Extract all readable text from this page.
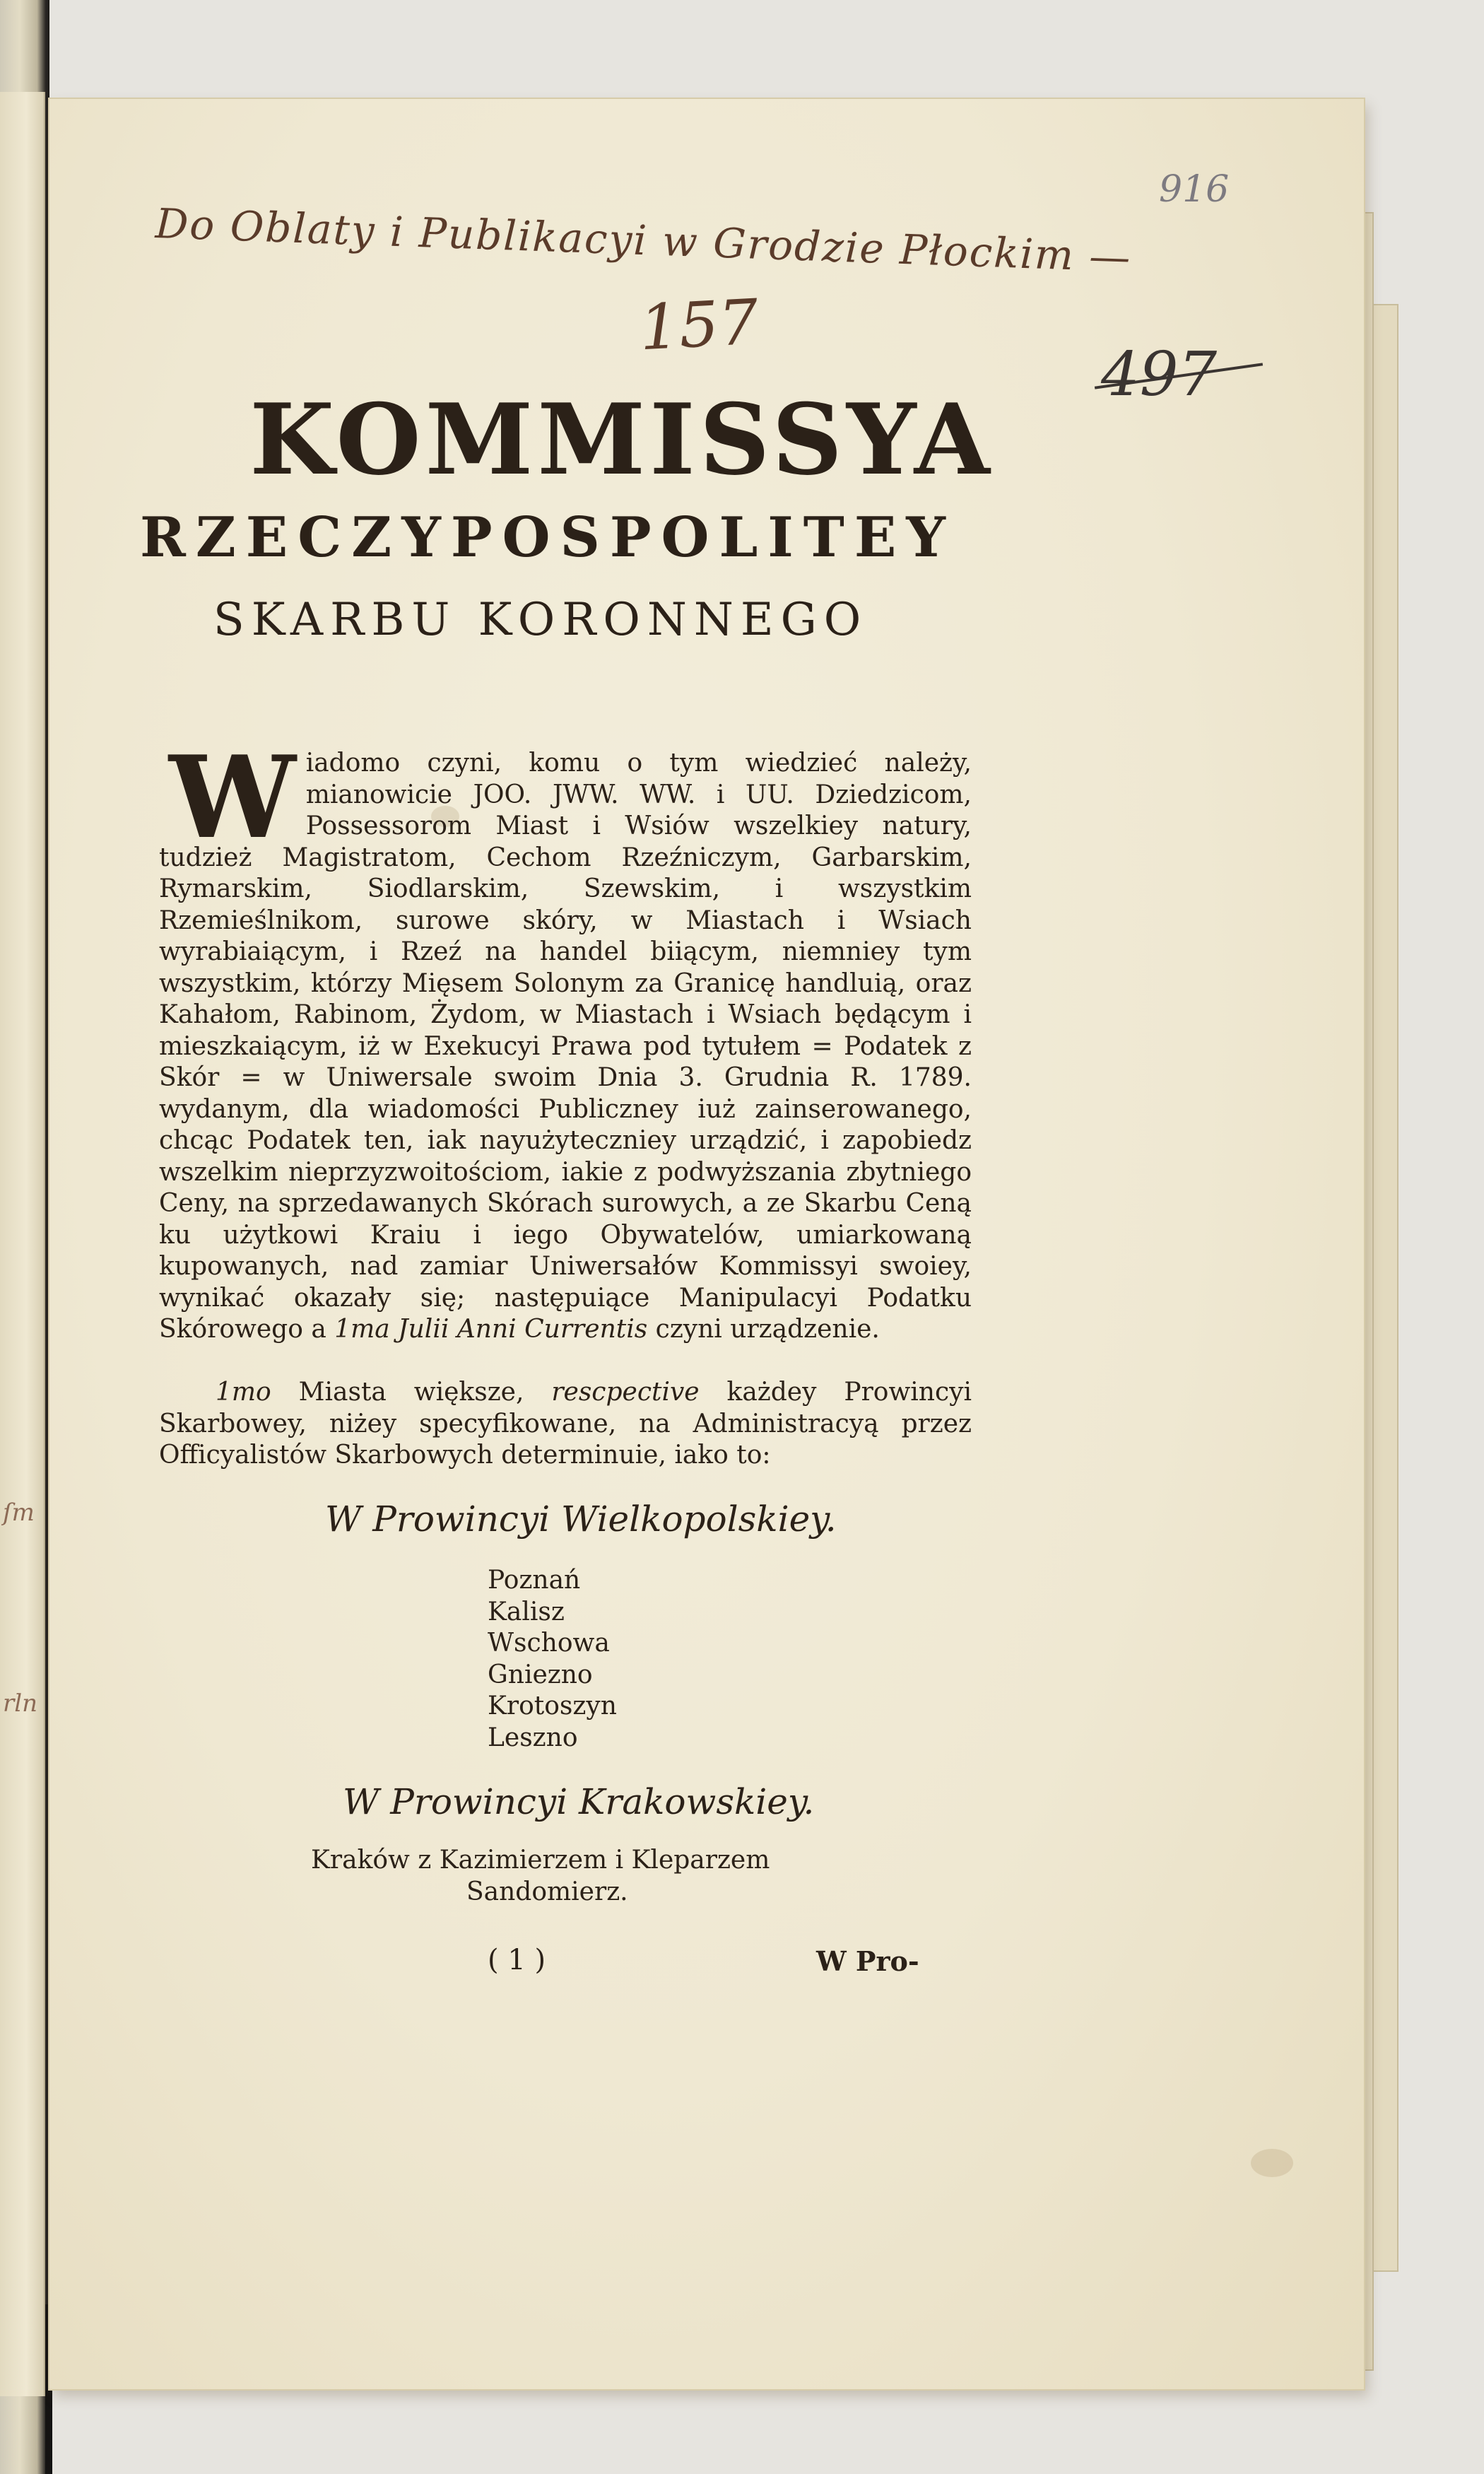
ſm
rln
Do Oblaty i Publikacyi w Grodzie Płockim —
916
157
497
KOMMISSYA
RZECZYPOSPOLITEY
SKARBU KORONNEGO
Wiadomo czyni, komu o tym wiedzieć należy, mianowicie JOO. JWW. WW. i UU. Dziedzicom, Possessorom Miast i Wsiów wszelkiey natury, tudzież Magistratom, Cechom Rzeźniczym, Garbarskim, Rymarskim, Siodlarskim, Szewskim, i wszystkim Rzemieślnikom, surowe skóry, w Miastach i Wsiach wyrabiaiącym, i Rzeź na handel biiącym, niemniey tym wszystkim, którzy Mięsem Solonym za Granicę handluią, oraz Kahałom, Rabinom, Żydom, w Miastach i Wsiach będącym i mieszkaiącym, iż w Exekucyi Prawa pod tytułem = Podatek z Skór = w Uniwersale swoim Dnia 3. Grudnia R. 1789. wydanym, dla wiadomości Publiczney iuż zainserowanego, chcąc Podatek ten, iak nayużyteczniey urządzić, i zapobiedz wszelkim nieprzyzwoitościom, iakie z podwyższania zbytniego Ceny, na sprzedawanych Skórach surowych, a ze Skarbu Ceną ku użytkowi Kraiu i iego Obywatelów, umiarkowaną kupowanych, nad zamiar Uniwersałów Kommissyi swoiey, wynikać okazały się; następuiące Manipulacyi Podatku Skórowego a 1ma Julii Anni Currentis czyni urządzenie.
1mo Miasta większe, rescpective każdey Prowincyi Skarbowey, niżey specyfikowane, na Administracyą przez Officyalistów Skarbowych determinuie, iako to:
W Prowincyi Wielkopolskiey.
Poznań
Kalisz
Wschowa
Gniezno
Krotoszyn
Leszno
W Prowincyi Krakowskiey.
Kraków z Kazimierzem i Kleparzem
Sandomierz.
( 1 )	W Pro-
